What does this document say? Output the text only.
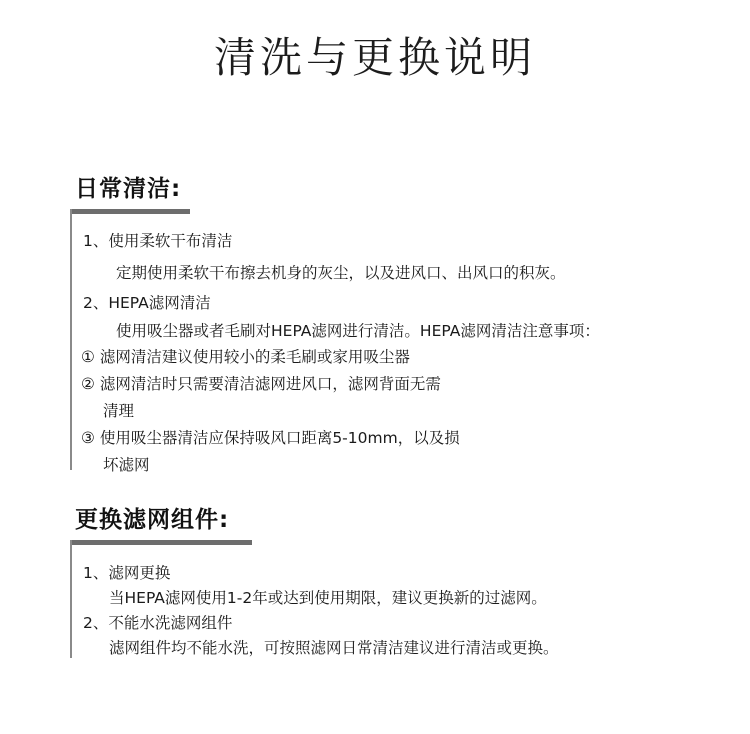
清洗与更换说明
日常清洁:
1、使用柔软干布清洁
定期使用柔软干布擦去机身的灰尘，以及进风口、出风口的积灰。
2、HEPA滤网清洁
使用吸尘器或者毛刷对HEPA滤网进行清洁。HEPA滤网清洁注意事项：
① 滤网清洁建议使用较小的柔毛刷或家用吸尘器
② 滤网清洁时只需要清洁滤网进风口，滤网背面无需
清理
③ 使用吸尘器清洁应保持吸风口距离5-10mm，以及损
坏滤网
更换滤网组件:
1、滤网更换
当HEPA滤网使用1-2年或达到使用期限，建议更换新的过滤网。
2、不能水洗滤网组件
滤网组件均不能水洗，可按照滤网日常清洁建议进行清洁或更换。
